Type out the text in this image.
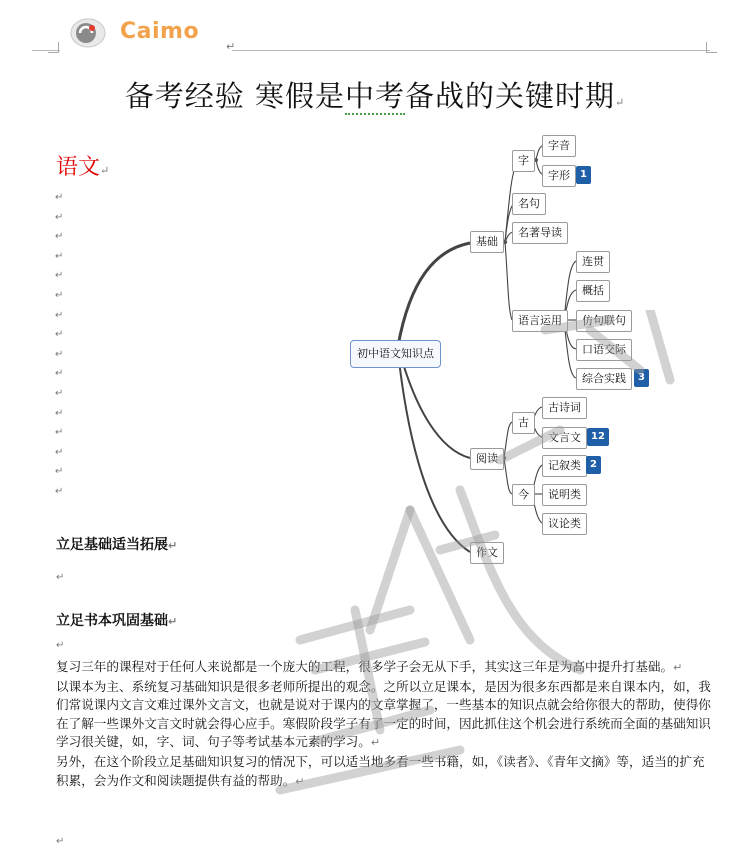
Caimo
↵
备考经验 寒假是中考备战的关键时期↵
语文↵
↵
↵
↵
↵
↵
↵
↵
↵
↵
↵
↵
↵
↵
↵
↵
↵
立足基础适当拓展↵
↵
立足书本巩固基础↵
↵

复习三年的课程对于任何人来说都是一个庞大的工程，很多学子会无从下手，其实这三年是为高中提升打基础。↵

以课本为主、系统复习基础知识是很多老师所提出的观念。之所以立足课本，是因为很多东西都是来自课本内，如，我们常说课内文言文难过课外文言文，也就是说对于课内的文章掌握了，一些基本的知识点就会给你很大的帮助，使得你在了解一些课外文言文时就会得心应手。寒假阶段学子有了一定的时间，因此抓住这个机会进行系统而全面的基础知识学习很关键，如，字、词、句子等考试基本元素的学习。↵

另外，在这个阶段立足基础知识复习的情况下，可以适当地多看一些书籍，如，《读者》、《青年文摘》等，适当的扩充积累，会为作文和阅读题提供有益的帮助。↵

↵
初中语文知识点
基础
阅读
作文
字
字音
字形	1
名句
名著导读
语言运用
连贯
概括
仿句联句
口语交际
综合实践	3
古
古诗词
文言文	12
今
记叙类 2
说明类
议论类
